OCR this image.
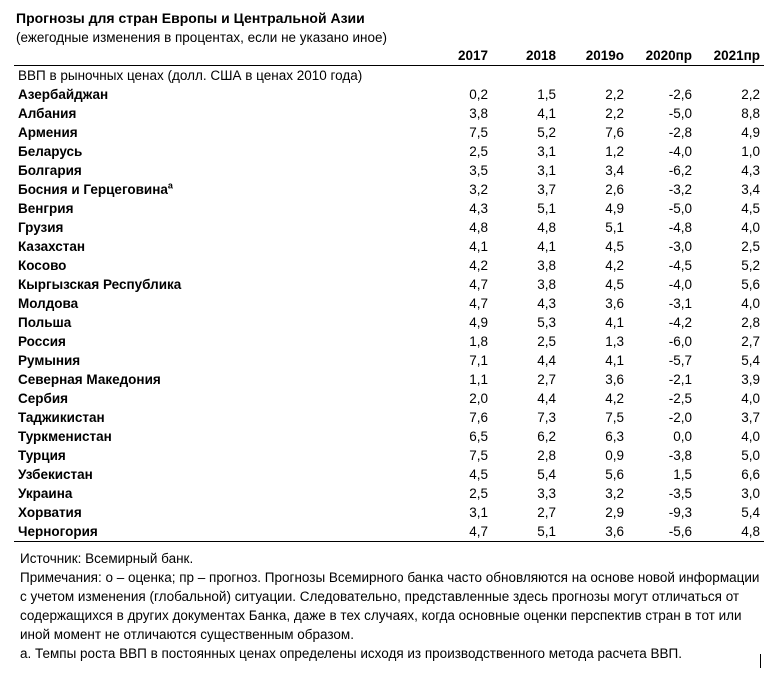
Прогнозы для стран Европы и Центральной Азии
(ежегодные изменения в процентах, если не указано иное)
	2017	2018	2019о	2020пр	2021пр
ВВП в рыночных ценах (долл. США в ценах 2010 года)					
Азербайджан	0,2	1,5	2,2	-2,6	2,2
Албания	3,8	4,1	2,2	-5,0	8,8
Армения	7,5	5,2	7,6	-2,8	4,9
Беларусь	2,5	3,1	1,2	-4,0	1,0
Болгария	3,5	3,1	3,4	-6,2	4,3
Босния и Герцеговина$^a$	3,2	3,7	2,6	-3,2	3,4
Венгрия	4,3	5,1	4,9	-5,0	4,5
Грузия	4,8	4,8	5,1	-4,8	4,0
Казахстан	4,1	4,1	4,5	-3,0	2,5
Косово	4,2	3,8	4,2	-4,5	5,2
Кыргызская Республика	4,7	3,8	4,5	-4,0	5,6
Молдова	4,7	4,3	3,6	-3,1	4,0
Польша	4,9	5,3	4,1	-4,2	2,8
Россия	1,8	2,5	1,3	-6,0	2,7
Румыния	7,1	4,4	4,1	-5,7	5,4
Северная Македония	1,1	2,7	3,6	-2,1	3,9
Сербия	2,0	4,4	4,2	-2,5	4,0
Таджикистан	7,6	7,3	7,5	-2,0	3,7
Туркменистан	6,5	6,2	6,3	0,0	4,0
Турция	7,5	2,8	0,9	-3,8	5,0
Узбекистан	4,5	5,4	5,6	1,5	6,6
Украина	2,5	3,3	3,2	-3,5	3,0
Хорватия	3,1	2,7	2,9	-9,3	5,4
Черногория	4,7	5,1	3,6	-5,6	4,8

Источник: Всемирный банк.

Примечания: о – оценка; пр – прогноз. Прогнозы Всемирного банка часто обновляются на основе новой информации с учетом изменения (глобальной) ситуации. Следовательно, представленные здесь прогнозы могут отличаться от содержащихся в других документах Банка, даже в тех случаях, когда основные оценки перспектив стран в тот или иной момент не отличаются существенным образом.

a. Темпы роста ВВП в постоянных ценах определены исходя из производственного метода расчета ВВП.
